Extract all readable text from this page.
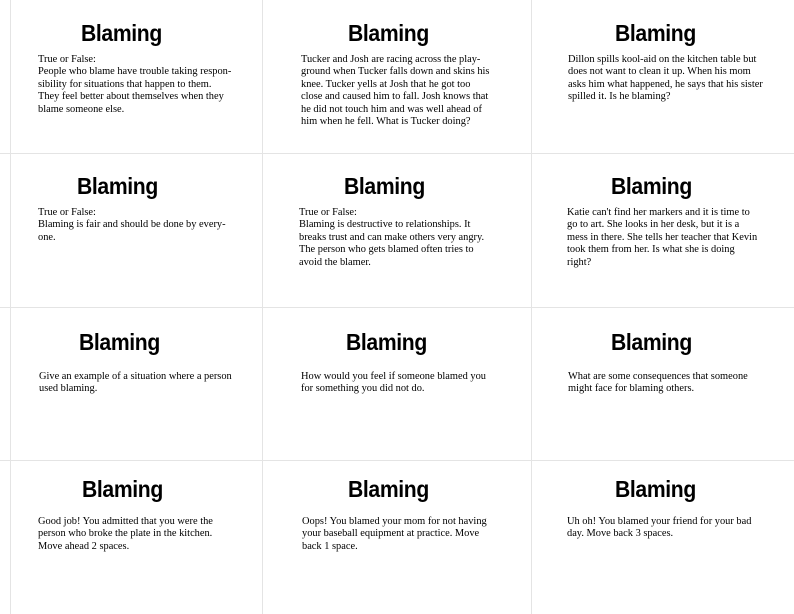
Blaming
True or False:
People who blame have trouble taking respon-
sibility for situations that happen to them.
They feel better about themselves when they
blame someone else.
Blaming
Tucker and Josh are racing across the play-
ground when Tucker falls down and skins his
knee. Tucker yells at Josh that he got too
close and caused him to fall. Josh knows that
he did not touch him and was well ahead of
him when he fell. What is Tucker doing?
Blaming
Dillon spills kool-aid on the kitchen table but
does not want to clean it up. When his mom
asks him what happened, he says that his sister
spilled it. Is he blaming?
Blaming
True or False:
Blaming is fair and should be done by every-
one.
Blaming
True or False:
Blaming is destructive to relationships. It
breaks trust and can make others very angry.
The person who gets blamed often tries to
avoid the blamer.
Blaming
Katie can't find her markers and it is time to
go to art. She looks in her desk, but it is a
mess in there. She tells her teacher that Kevin
took them from her. Is what she is doing
right?
Blaming
Give an example of a situation where a person
used blaming.
Blaming
How would you feel if someone blamed you
for something you did not do.
Blaming
What are some consequences that someone
might face for blaming others.
Blaming
Good job! You admitted that you were the
person who broke the plate in the kitchen.
Move ahead 2 spaces.
Blaming
Oops! You blamed your mom for not having
your baseball equipment at practice. Move
back 1 space.
Blaming
Uh oh! You blamed your friend for your bad
day. Move back 3 spaces.
